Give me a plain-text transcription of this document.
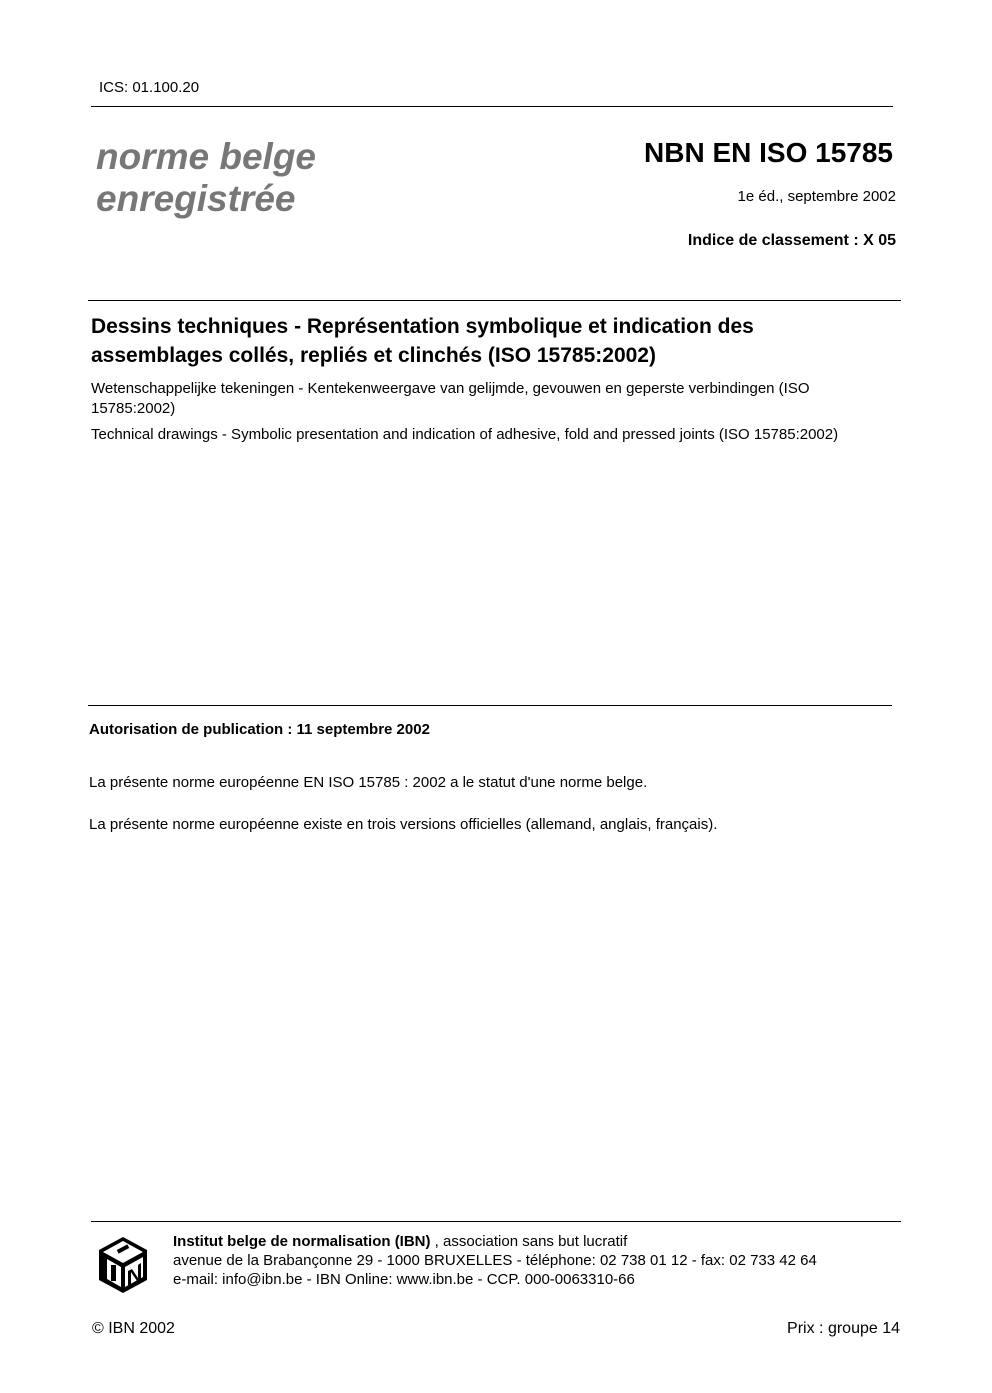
ICS: 01.100.20
norme belge
enregistrée
NBN EN ISO 15785
1e éd., septembre 2002
Indice de classement : X 05
Dessins techniques - Représentation symbolique et indication des assemblages collés, repliés et clinchés (ISO 15785:2002)
Wetenschappelijke tekeningen - Kentekenweergave van gelijmde, gevouwen en geperste verbindingen (ISO 15785:2002)
Technical drawings - Symbolic presentation and indication of adhesive, fold and pressed joints (ISO 15785:2002)
Autorisation de publication : 11 septembre 2002
La présente norme européenne EN ISO 15785 : 2002 a le statut d'une norme belge.
La présente norme européenne existe en trois versions officielles (allemand, anglais, français).
Institut belge de normalisation (IBN) , association sans but lucratif
avenue de la Brabançonne 29 - 1000 BRUXELLES - téléphone: 02 738 01 12 - fax: 02 733 42 64
e-mail: info@ibn.be - IBN Online: www.ibn.be - CCP. 000-0063310-66
© IBN 2002	Prix : groupe 14
